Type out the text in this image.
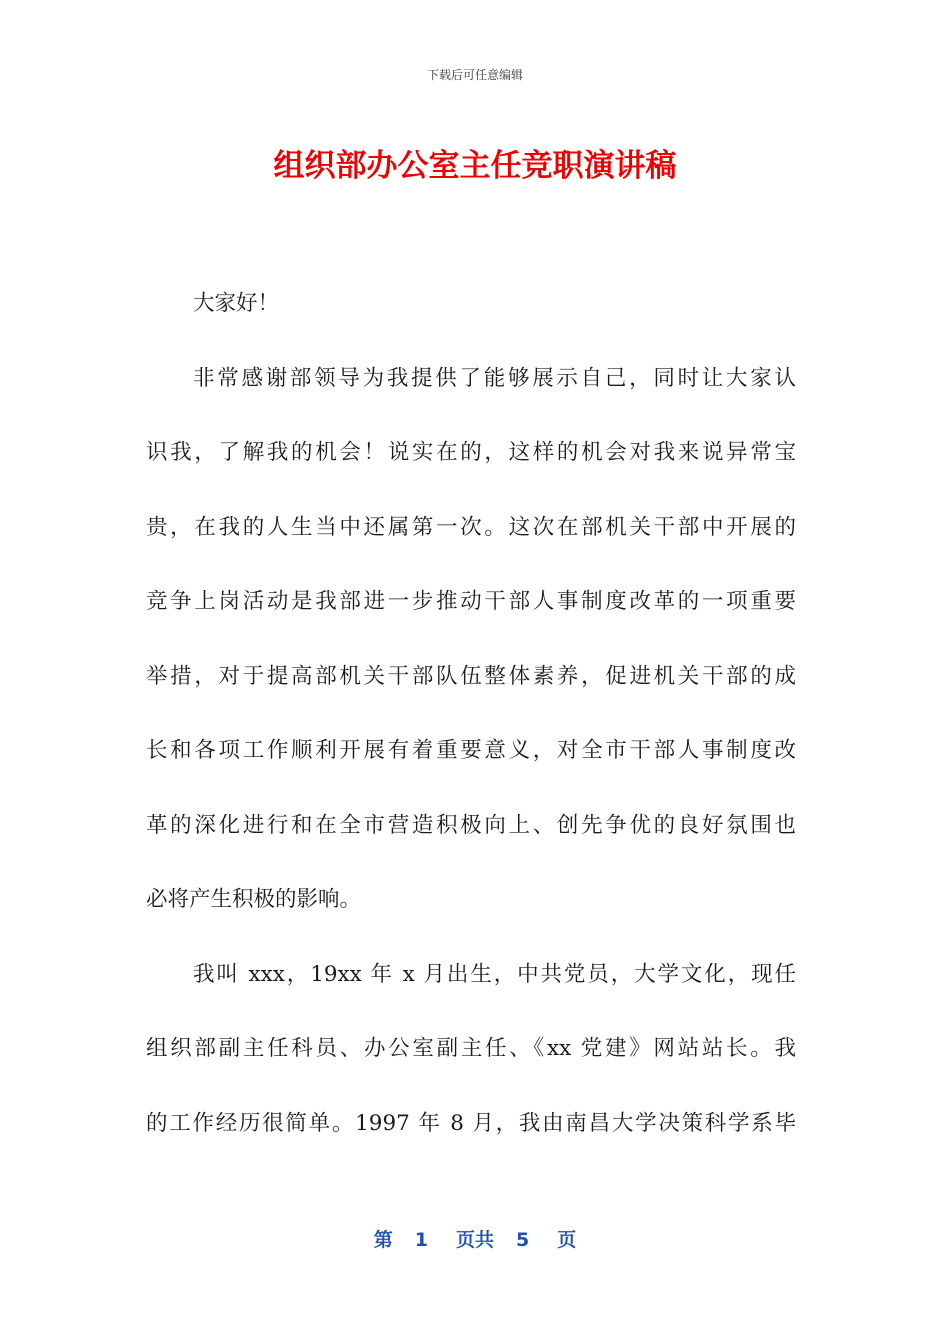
下载后可任意编辑
组织部办公室主任竞职演讲稿
大家好！
非常感谢部领导为我提供了能够展示自己，同时让大家认
识我，了解我的机会！说实在的，这样的机会对我来说异常宝
贵，在我的人生当中还属第一次。这次在部机关干部中开展的
竞争上岗活动是我部进一步推动干部人事制度改革的一项重要
举措，对于提高部机关干部队伍整体素养，促进机关干部的成
长和各项工作顺利开展有着重要意义，对全市干部人事制度改
革的深化进行和在全市营造积极向上、创先争优的良好氛围也
必将产生积极的影响。
我叫 xxx，19xx 年 x 月出生，中共党员，大学文化，现任
组织部副主任科员、办公室副主任、《xx 党建》网站站长。我
的工作经历很简单。1997 年 8 月，我由南昌大学决策科学系毕
第 1 页共 5 页
